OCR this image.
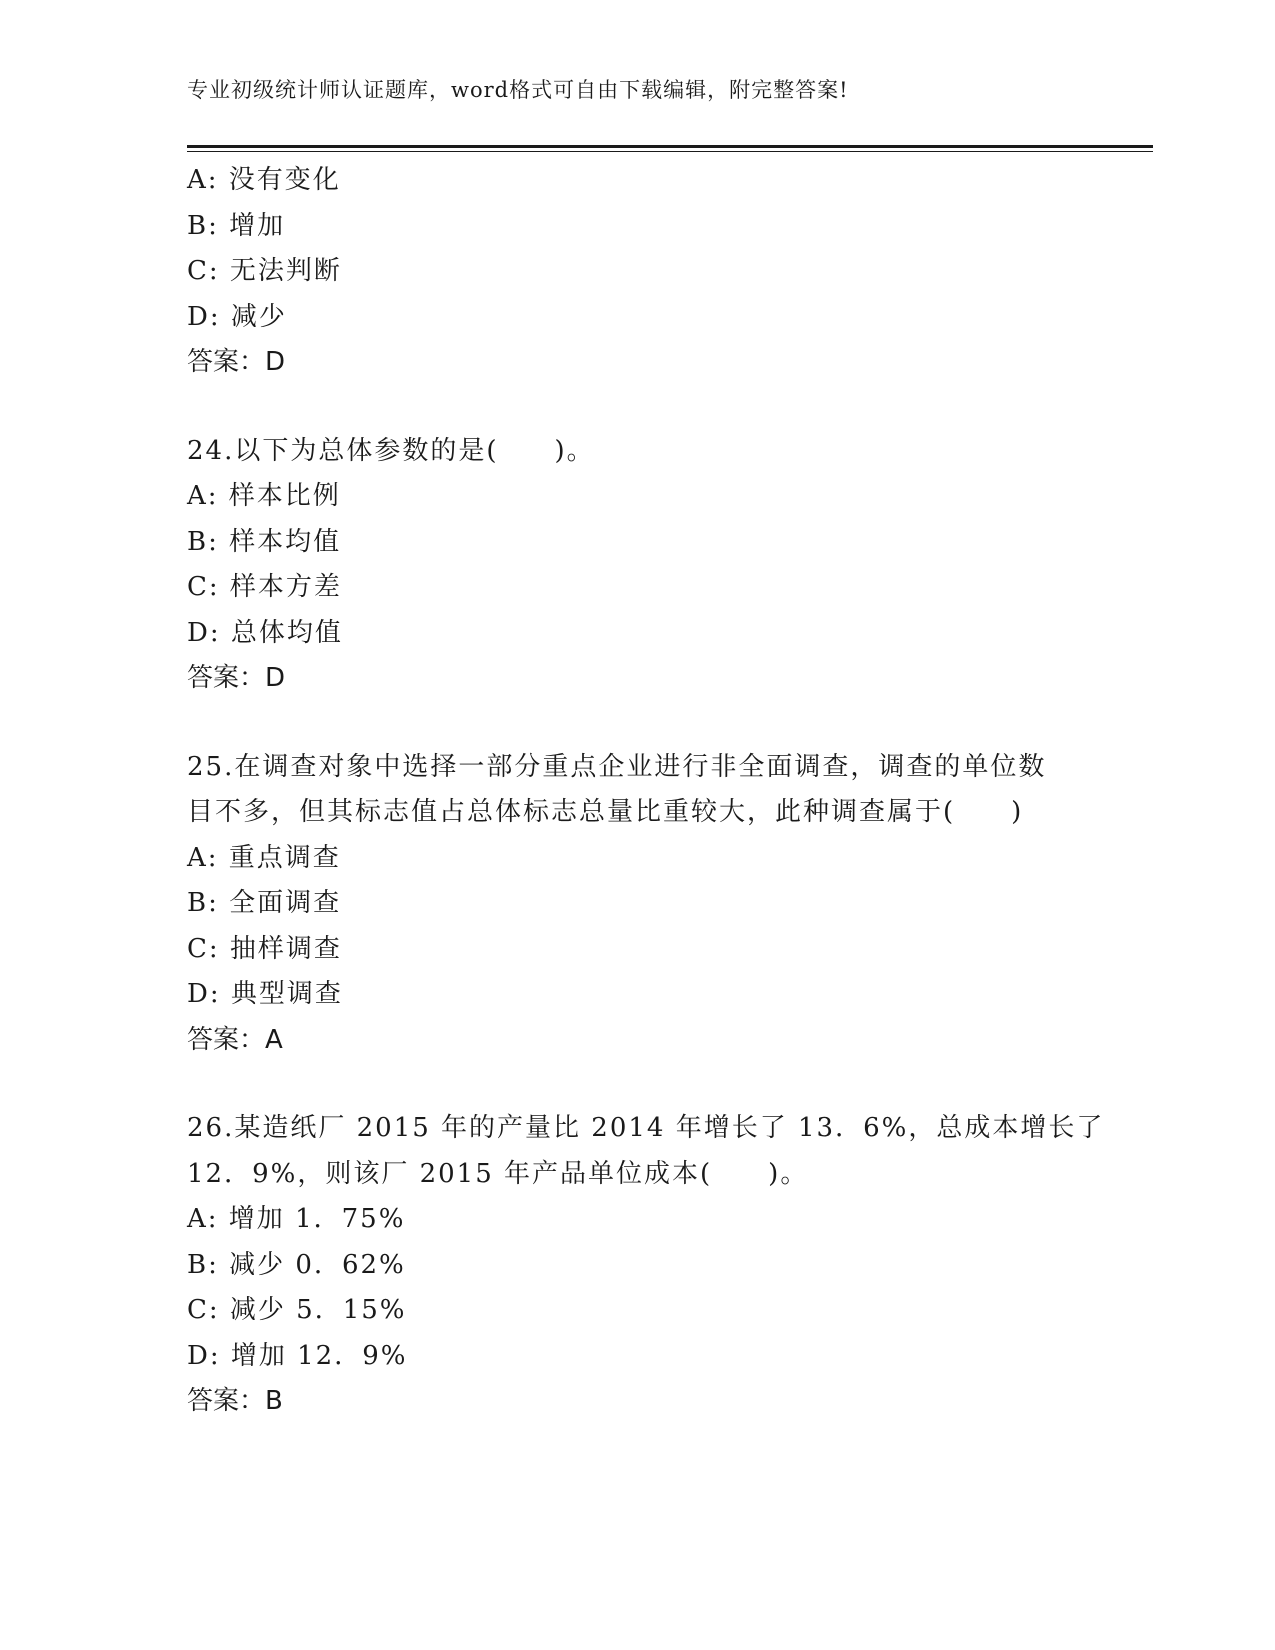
专业初级统计师认证题库，word格式可自由下载编辑，附完整答案!
A: 没有变化
B: 增加
C: 无法判断
D: 减少
答案：D
24.以下为总体参数的是(　　)。
A: 样本比例
B: 样本均值
C: 样本方差
D: 总体均值
答案：D
25.在调查对象中选择一部分重点企业进行非全面调查，调查的单位数
目不多，但其标志值占总体标志总量比重较大，此种调查属于(　　)
A: 重点调查
B: 全面调查
C: 抽样调查
D: 典型调查
答案：A
26.某造纸厂 2015 年的产量比 2014 年增长了 13．6%，总成本增长了
12．9%，则该厂 2015 年产品单位成本(　　)。
A: 增加 1．75%
B: 减少 0．62%
C: 减少 5．15%
D: 增加 12．9%
答案：B
